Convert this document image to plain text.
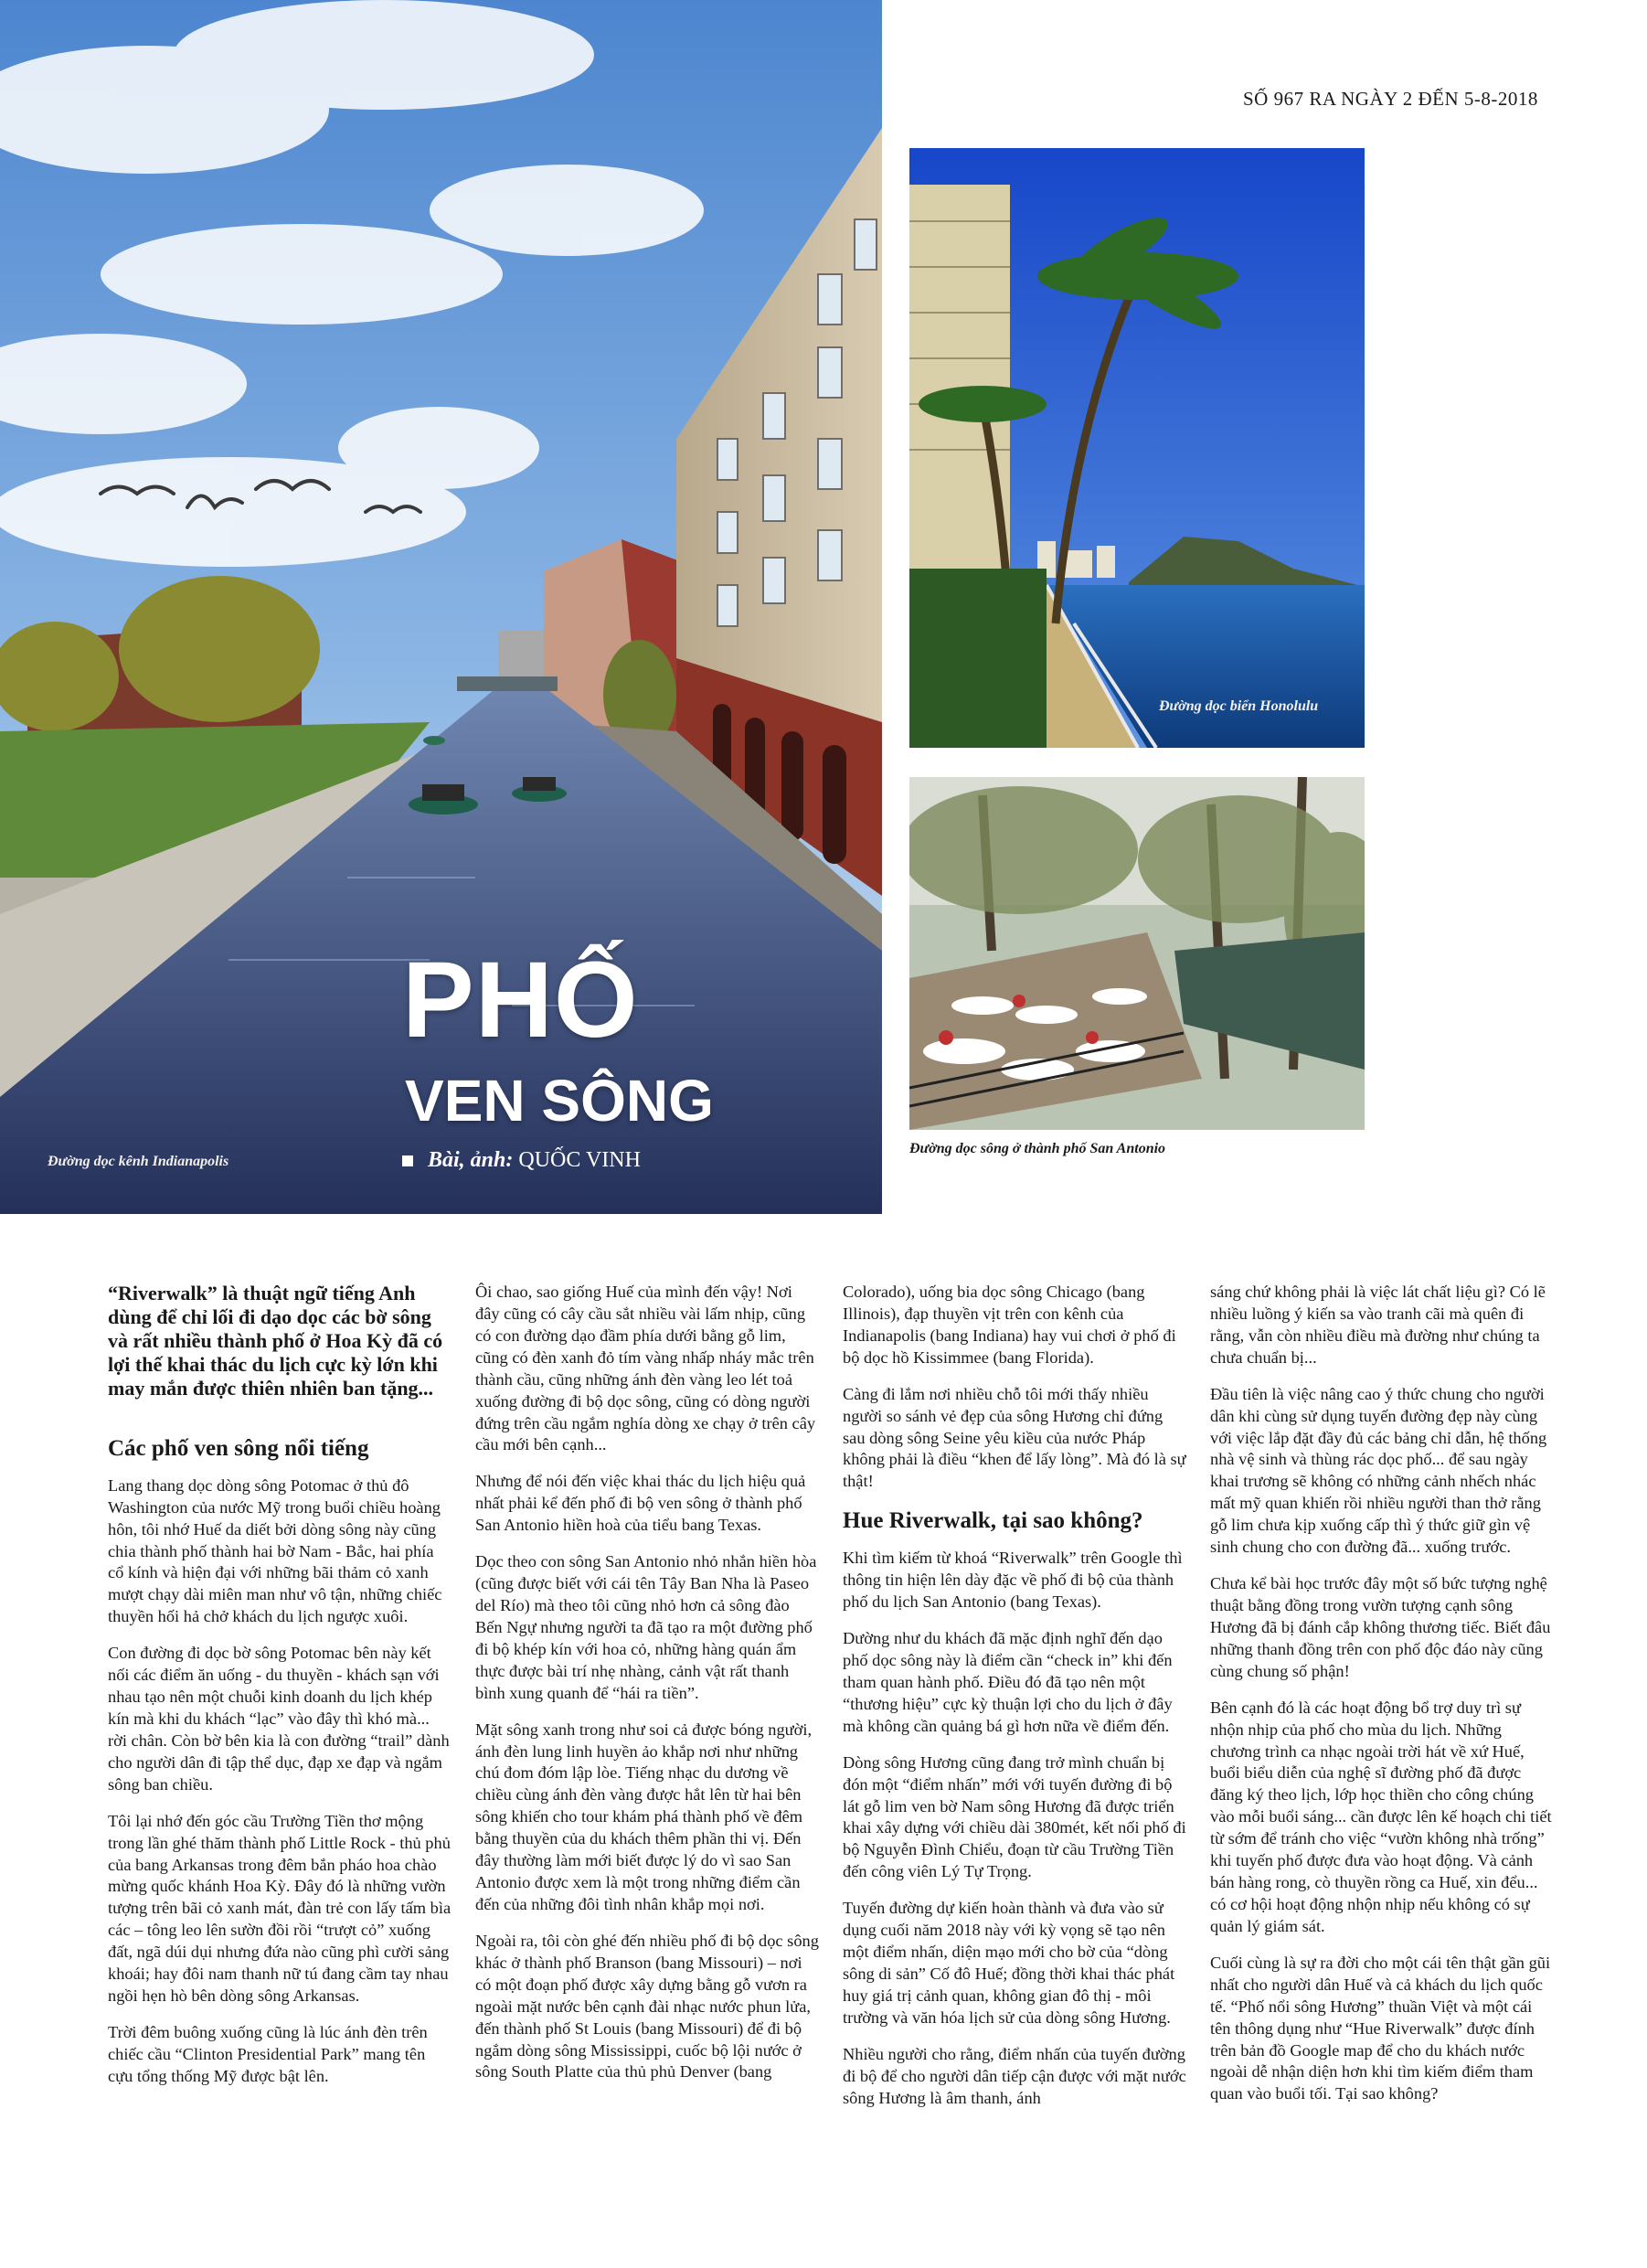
PHỐ
VEN SÔNG
Bài, ảnh: QUỐC VINH
Đường dọc kênh Indianapolis
SỐ 967 RA NGÀY 2 ĐẾN 5-8-2018
Đường dọc biển Honolulu
Đường dọc sông ở thành phố San Antonio

“Riverwalk” là thuật ngữ tiếng Anh dùng để chỉ lối đi dạo dọc các bờ sông và rất nhiều thành phố ở Hoa Kỳ đã có lợi thế khai thác du lịch cực kỳ lớn khi may mắn được thiên nhiên ban tặng...

Các phố ven sông nổi tiếng

Lang thang dọc dòng sông Potomac ở thủ đô Washington của nước Mỹ trong buổi chiều hoàng hôn, tôi nhớ Huế da diết bởi dòng sông này cũng chia thành phố thành hai bờ Nam - Bắc, hai phía cổ kính và hiện đại với những bãi thảm cỏ xanh mượt chạy dài miên man như vô tận, những chiếc thuyền hối hả chở khách du lịch ngược xuôi.

Con đường đi dọc bờ sông Potomac bên này kết nối các điểm ăn uống - du thuyền - khách sạn với nhau tạo nên một chuỗi kinh doanh du lịch khép kín mà khi du khách “lạc” vào đây thì khó mà... rời chân. Còn bờ bên kia là con đường “trail” dành cho người dân đi tập thể dục, đạp xe đạp và ngắm sông ban chiều.

Tôi lại nhớ đến góc cầu Trường Tiền thơ mộng trong lần ghé thăm thành phố Little Rock - thủ phủ của bang Arkansas trong đêm bắn pháo hoa chào mừng quốc khánh Hoa Kỳ. Đây đó là những vườn tượng trên bãi cỏ xanh mát, đàn trẻ con lấy tấm bìa các – tông leo lên sườn đồi rồi “trượt cỏ” xuống đất, ngã dúi dụi nhưng đứa nào cũng phì cười sảng khoái; hay đôi nam thanh nữ tú đang cầm tay nhau ngồi hẹn hò bên dòng sông Arkansas.

Trời đêm buông xuống cũng là lúc ánh đèn trên chiếc cầu “Clinton Presidential Park” mang tên cựu tổng thống Mỹ được bật lên.

Ôi chao, sao giống Huế của mình đến vậy! Nơi đây cũng có cây cầu sắt nhiều vài lấm nhịp, cũng có con đường dạo đầm phía dưới bằng gỗ lim, cũng có đèn xanh đỏ tím vàng nhấp nháy mắc trên thành cầu, cũng những ánh đèn vàng leo lét toả xuống đường đi bộ dọc sông, cũng có dòng người đứng trên cầu ngắm nghía dòng xe chạy ở trên cây cầu mới bên cạnh...

Nhưng để nói đến việc khai thác du lịch hiệu quả nhất phải kể đến phố đi bộ ven sông ở thành phố San Antonio hiền hoà của tiểu bang Texas.

Dọc theo con sông San Antonio nhỏ nhắn hiền hòa (cũng được biết với cái tên Tây Ban Nha là Paseo del Río) mà theo tôi cũng nhỏ hơn cả sông đào Bến Ngự nhưng người ta đã tạo ra một đường phố đi bộ khép kín với hoa cỏ, những hàng quán ẩm thực được bài trí nhẹ nhàng, cảnh vật rất thanh bình xung quanh để “hái ra tiền”.

Mặt sông xanh trong như soi cả được bóng người, ánh đèn lung linh huyền ảo khắp nơi như những chú đom đóm lập lòe. Tiếng nhạc du dương về chiều cùng ánh đèn vàng được hắt lên từ hai bên sông khiến cho tour khám phá thành phố về đêm bằng thuyền của du khách thêm phần thi vị. Đến đây thường làm mới biết được lý do vì sao San Antonio được xem là một trong những điểm cần đến của những đôi tình nhân khắp mọi nơi.

Ngoài ra, tôi còn ghé đến nhiều phố đi bộ dọc sông khác ở thành phố Branson (bang Missouri) – nơi có một đoạn phố được xây dựng bằng gỗ vươn ra ngoài mặt nước bên cạnh đài nhạc nước phun lửa, đến thành phố St Louis (bang Missouri) để đi bộ ngắm dòng sông Mississippi, cuốc bộ lội nước ở sông South Platte của thủ phủ Denver (bang

Colorado), uống bia dọc sông Chicago (bang Illinois), đạp thuyền vịt trên con kênh của Indianapolis (bang Indiana) hay vui chơi ở phố đi bộ dọc hồ Kissimmee (bang Florida).

Càng đi lắm nơi nhiều chỗ tôi mới thấy nhiều người so sánh vẻ đẹp của sông Hương chỉ đứng sau dòng sông Seine yêu kiều của nước Pháp không phải là điều “khen để lấy lòng”. Mà đó là sự thật!

Hue Riverwalk, tại sao không?

Khi tìm kiếm từ khoá “Riverwalk” trên Google thì thông tin hiện lên dày đặc về phố đi bộ của thành phố du lịch San Antonio (bang Texas).

Dường như du khách đã mặc định nghĩ đến dạo phố dọc sông này là điểm cần “check in” khi đến tham quan hành phố. Điều đó đã tạo nên một “thương hiệu” cực kỳ thuận lợi cho du lịch ở đây mà không cần quảng bá gì hơn nữa về điểm đến.

Dòng sông Hương cũng đang trở mình chuẩn bị đón một “điểm nhấn” mới với tuyến đường đi bộ lát gỗ lim ven bờ Nam sông Hương đã được triển khai xây dựng với chiều dài 380mét, kết nối phố đi bộ Nguyễn Đình Chiểu, đoạn từ cầu Trường Tiền đến công viên Lý Tự Trọng.

Tuyến đường dự kiến hoàn thành và đưa vào sử dụng cuối năm 2018 này với kỳ vọng sẽ tạo nên một điểm nhấn, diện mạo mới cho bờ của “dòng sông di sản” Cố đô Huế; đồng thời khai thác phát huy giá trị cảnh quan, không gian đô thị - môi trường và văn hóa lịch sử của dòng sông Hương.

Nhiều người cho rằng, điểm nhấn của tuyến đường đi bộ để cho người dân tiếp cận được với mặt nước sông Hương là âm thanh, ánh

sáng chứ không phải là việc lát chất liệu gì? Có lẽ nhiều luồng ý kiến sa vào tranh cãi mà quên đi rằng, vẫn còn nhiều điều mà đường như chúng ta chưa chuẩn bị...

Đầu tiên là việc nâng cao ý thức chung cho người dân khi cùng sử dụng tuyến đường đẹp này cùng với việc lắp đặt đầy đủ các bảng chỉ dẫn, hệ thống nhà vệ sinh và thùng rác dọc phố... để sau ngày khai trương sẽ không có những cảnh nhếch nhác mất mỹ quan khiến rồi nhiều người than thở rằng gỗ lim chưa kịp xuống cấp thì ý thức giữ gìn vệ sinh chung cho con đường đã... xuống trước.

Chưa kể bài học trước đây một số bức tượng nghệ thuật bằng đồng trong vườn tượng cạnh sông Hương đã bị đánh cắp không thương tiếc. Biết đâu những thanh đồng trên con phố độc đáo này cũng cùng chung số phận!

Bên cạnh đó là các hoạt động bổ trợ duy trì sự nhộn nhịp của phố cho mùa du lịch. Những chương trình ca nhạc ngoài trời hát về xứ Huế, buổi biểu diễn của nghệ sĩ đường phố đã được đăng ký theo lịch, lớp học thiền cho công chúng vào mỗi buổi sáng... cần được lên kế hoạch chi tiết từ sớm để tránh cho việc “vườn không nhà trống” khi tuyến phố được đưa vào hoạt động. Và cảnh bán hàng rong, cò thuyền rồng ca Huế, xin đểu... có cơ hội hoạt động nhộn nhịp nếu không có sự quản lý giám sát.

Cuối cùng là sự ra đời cho một cái tên thật gần gũi nhất cho người dân Huế và cả khách du lịch quốc tế. “Phố nổi sông Hương” thuần Việt và một cái tên thông dụng như “Hue Riverwalk” được đính trên bản đồ Google map để cho du khách nước ngoài dễ nhận diện hơn khi tìm kiếm điểm tham quan vào buổi tối. Tại sao không?
